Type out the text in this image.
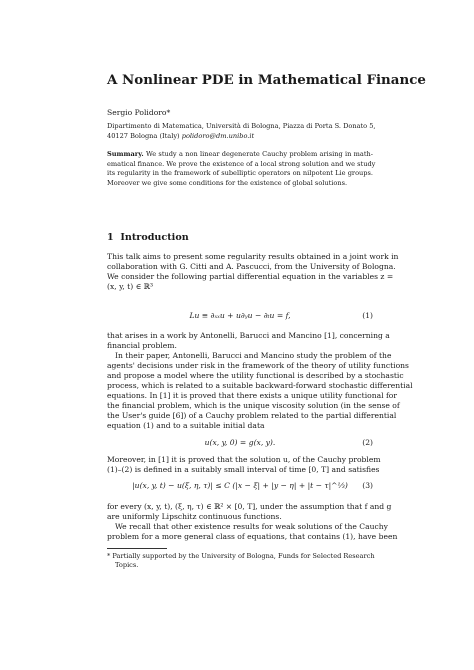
A Nonlinear PDE in Mathematical Finance
Sergio Polidoro*
Dipartimento di Matematica, Università di Bologna, Piazza di Porta S. Donato 5,
40127 Bologna (Italy) polidoro@dm.unibo.it
Summary. We study a non linear degenerate Cauchy problem arising in math-
ematical finance. We prove the existence of a local strong solution and we study
its regularity in the framework of subelliptic operators on nilpotent Lie groups.
Moreover we give some conditions for the existence of global solutions.
1 Introduction
This talk aims to present some regularity results obtained in a joint work in
collaboration with G. Citti and A. Pascucci, from the University of Bologna.
We consider the following partial differential equation in the variables z =
(x, y, t) ∈ ℝ³
Lu ≡ ∂ₓₓu + u∂ᵧu − ∂ₜu = f,	(1)
that arises in a work by Antonelli, Barucci and Mancino [1], concerning a
financial problem.
In their paper, Antonelli, Barucci and Mancino study the problem of the
agents' decisions under risk in the framework of the theory of utility functions
and propose a model where the utility functional is described by a stochastic
process, which is related to a suitable backward-forward stochastic differential
equations. In [1] it is proved that there exists a unique utility functional for
the financial problem, which is the unique viscosity solution (in the sense of
the User's guide [6]) of a Cauchy problem related to the partial differential
equation (1) and to a suitable initial data
u(x, y, 0) = g(x, y).	(2)
Moreover, in [1] it is proved that the solution u, of the Cauchy problem
(1)–(2) is defined in a suitably small interval of time [0, T] and satisfies
|u(x, y, t) − u(ξ, η, τ)| ≤ C (|x − ξ| + |y − η| + |t − τ|^⅓)	(3)
for every (x, y, t), (ξ, η, τ) ∈ ℝ² × [0, T], under the assumption that f and g
are uniformly Lipschitz continuous functions.
We recall that other existence results for weak solutions of the Cauchy
problem for a more general class of equations, that contains (1), have been
* Partially supported by the University of Bologna, Funds for Selected Research
Topics.
